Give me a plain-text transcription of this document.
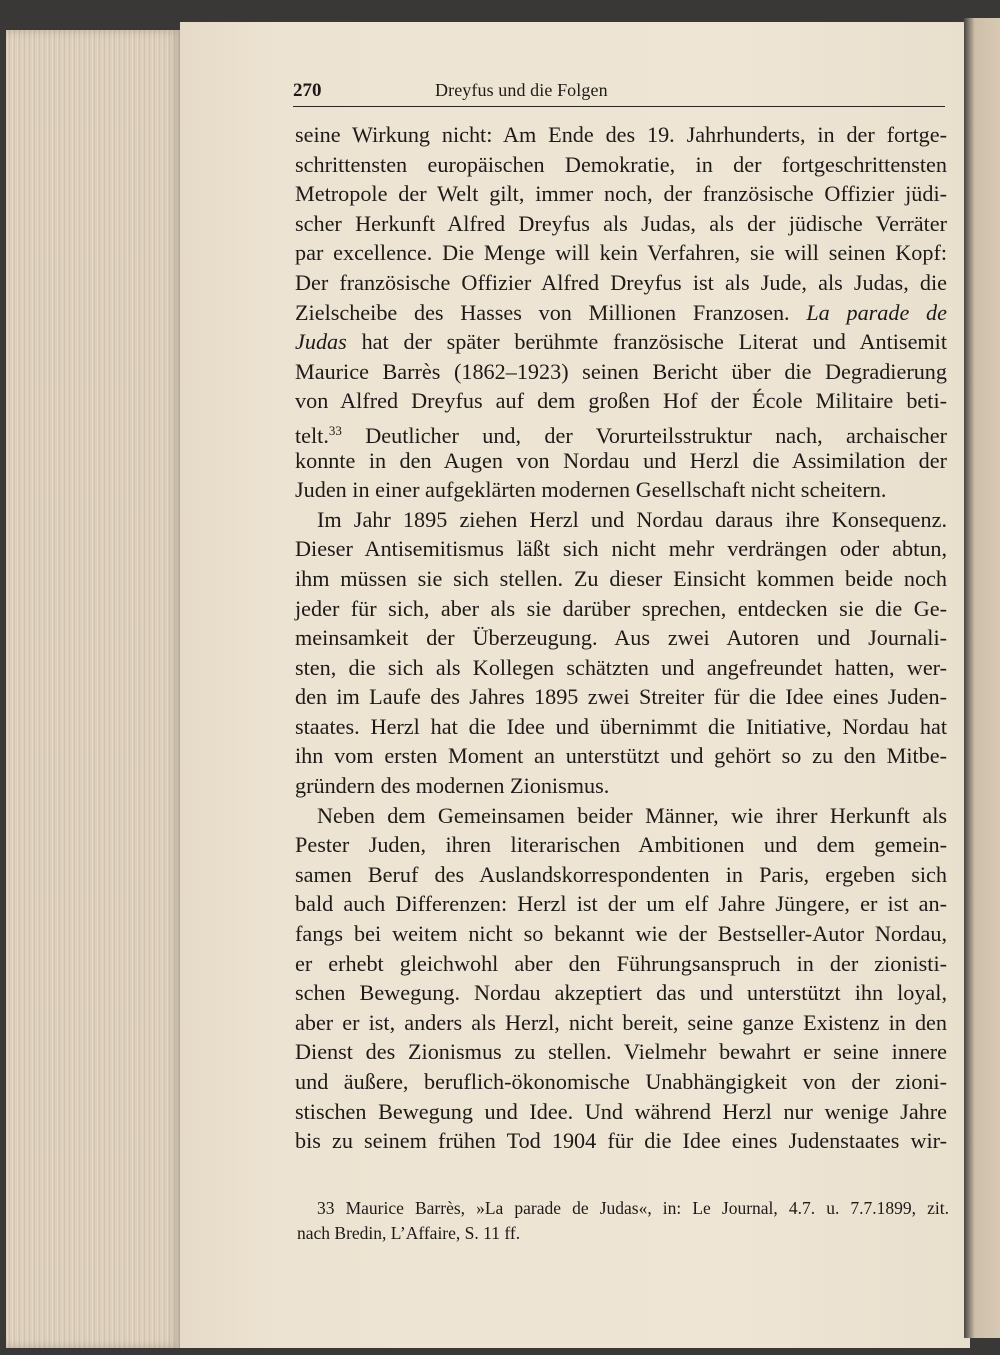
270	Dreyfus und die Folgen
seine Wirkung nicht: Am Ende des 19. Jahrhunderts, in der fortge-
schrittensten europäischen Demokratie, in der fortgeschrittensten
Metropole der Welt gilt, immer noch, der französische Offizier jüdi-
scher Herkunft Alfred Dreyfus als Judas, als der jüdische Verräter
par excellence. Die Menge will kein Verfahren, sie will seinen Kopf:
Der französische Offizier Alfred Dreyfus ist als Jude, als Judas, die
Zielscheibe des Hasses von Millionen Franzosen. La parade de
Judas hat der später berühmte französische Literat und Antisemit
Maurice Barrès (1862–1923) seinen Bericht über die Degradierung
von Alfred Dreyfus auf dem großen Hof der École Militaire beti-
telt.$^{33}$ Deutlicher und, der Vorurteilsstruktur nach, archaischer
konnte in den Augen von Nordau und Herzl die Assimilation der
Juden in einer aufgeklärten modernen Gesellschaft nicht scheitern.
Im Jahr 1895 ziehen Herzl und Nordau daraus ihre Konsequenz.
Dieser Antisemitismus läßt sich nicht mehr verdrängen oder abtun,
ihm müssen sie sich stellen. Zu dieser Einsicht kommen beide noch
jeder für sich, aber als sie darüber sprechen, entdecken sie die Ge-
meinsamkeit der Überzeugung. Aus zwei Autoren und Journali-
sten, die sich als Kollegen schätzten und angefreundet hatten, wer-
den im Laufe des Jahres 1895 zwei Streiter für die Idee eines Juden-
staates. Herzl hat die Idee und übernimmt die Initiative, Nordau hat
ihn vom ersten Moment an unterstützt und gehört so zu den Mitbe-
gründern des modernen Zionismus.
Neben dem Gemeinsamen beider Männer, wie ihrer Herkunft als
Pester Juden, ihren literarischen Ambitionen und dem gemein-
samen Beruf des Auslandskorrespondenten in Paris, ergeben sich
bald auch Differenzen: Herzl ist der um elf Jahre Jüngere, er ist an-
fangs bei weitem nicht so bekannt wie der Bestseller-Autor Nordau,
er erhebt gleichwohl aber den Führungsanspruch in der zionisti-
schen Bewegung. Nordau akzeptiert das und unterstützt ihn loyal,
aber er ist, anders als Herzl, nicht bereit, seine ganze Existenz in den
Dienst des Zionismus zu stellen. Vielmehr bewahrt er seine innere
und äußere, beruflich-ökonomische Unabhängigkeit von der zioni-
stischen Bewegung und Idee. Und während Herzl nur wenige Jahre
bis zu seinem frühen Tod 1904 für die Idee eines Judenstaates wir-
33 Maurice Barrès, »La parade de Judas«, in: Le Journal, 4.7. u. 7.7.1899, zit.
nach Bredin, L’Affaire, S. 11 ff.
